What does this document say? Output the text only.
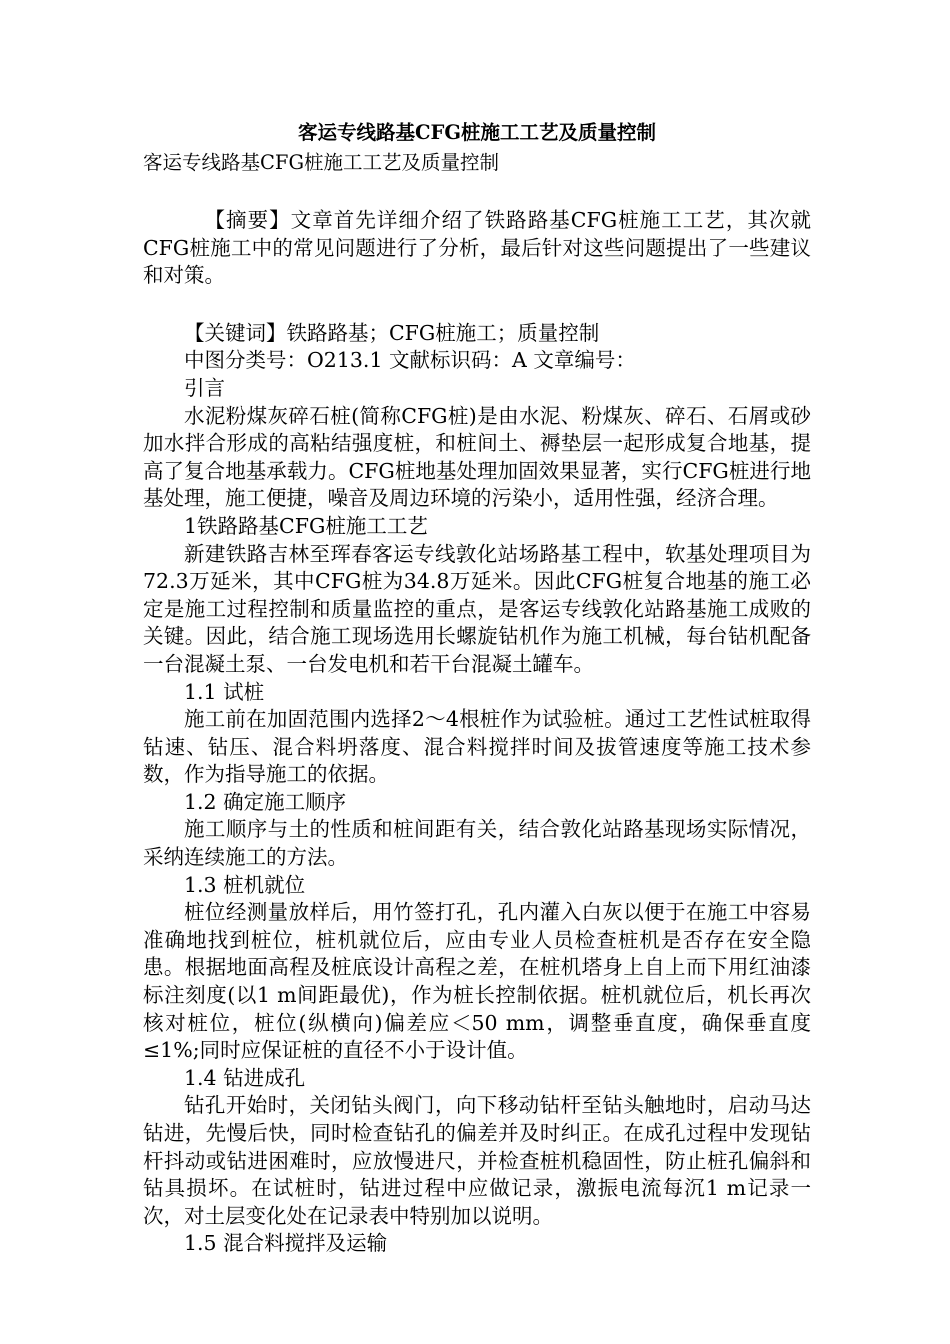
客运专线路基CFG桩施工工艺及质量控制

客运专线路基CFG桩施工工艺及质量控制

【摘要】文章首先详细介绍了铁路路基CFG桩施工工艺，其次就CFG桩施工中的常见问题进行了分析，最后针对这些问题提出了一些建议和对策。

【关键词】铁路路基；CFG桩施工；质量控制

中图分类号：O213.1 文献标识码：A 文章编号：

引言

水泥粉煤灰碎石桩(简称CFG桩)是由水泥、粉煤灰、碎石、石屑或砂加水拌合形成的高粘结强度桩，和桩间土、褥垫层一起形成复合地基，提高了复合地基承载力。CFG桩地基处理加固效果显著，实行CFG桩进行地基处理，施工便捷，噪音及周边环境的污染小，适用性强，经济合理。

1铁路路基CFG桩施工工艺

新建铁路吉林至珲春客运专线敦化站场路基工程中，软基处理项目为72.3万延米，其中CFG桩为34.8万延米。因此CFG桩复合地基的施工必定是施工过程控制和质量监控的重点，是客运专线敦化站路基施工成败的关键。因此，结合施工现场选用长螺旋钻机作为施工机械，每台钻机配备一台混凝土泵、一台发电机和若干台混凝土罐车。

1.1 试桩

施工前在加固范围内选择2～4根桩作为试验桩。通过工艺性试桩取得钻速、钻压、混合料坍落度、混合料搅拌时间及拔管速度等施工技术参数，作为指导施工的依据。

1.2 确定施工顺序

施工顺序与土的性质和桩间距有关，结合敦化站路基现场实际情况，采纳连续施工的方法。

1.3 桩机就位

桩位经测量放样后，用竹签打孔，孔内灌入白灰以便于在施工中容易准确地找到桩位，桩机就位后，应由专业人员检查桩机是否存在安全隐患。根据地面高程及桩底设计高程之差，在桩机塔身上自上而下用红油漆标注刻度(以1 m间距最优)，作为桩长控制依据。桩机就位后，机长再次核对桩位，桩位(纵横向)偏差应＜50 mm，调整垂直度，确保垂直度≤1%;同时应保证桩的直径不小于设计值。

1.4 钻进成孔

钻孔开始时，关闭钻头阀门，向下移动钻杆至钻头触地时，启动马达钻进，先慢后快，同时检查钻孔的偏差并及时纠正。在成孔过程中发现钻杆抖动或钻进困难时，应放慢进尺，并检查桩机稳固性，防止桩孔偏斜和钻具损坏。在试桩时，钻进过程中应做记录，激振电流每沉1 m记录一次，对土层变化处在记录表中特别加以说明。

1.5 混合料搅拌及运输
